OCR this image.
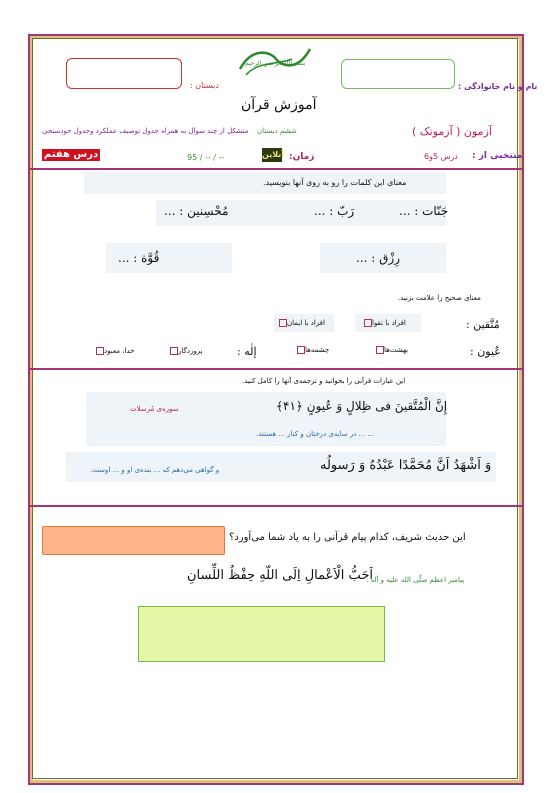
بسم الله الرحمن الرحیم
نام و نام خانوادگی :
دبستان :
آموزش قرآن
آزمون ( آزمونک )
ششم دبستان
متشکل از چند سوال به همراه جدول توصیف عملکرد وجدول خودسنجی
منتخبی از :
درس 5و6
زمان:
آنلاین
95 / -- / --
درس هفتم
معنای این کلمات را رو به روی آنها بنویسید.
جَنّات : ...
رَبّ : ...
مُحْسِنین : ...
رِزْق : ...
قُوَّة : ...
معنای صحیح را علامت بزنید.
مُتَّقین :
افراد با تقوا
افراد با ایمان
عُیون :
بهشت‌ها
چشمه‌ها
إلٰه :
پروردگار
خدا، معبود
این عبارات قرآنی را بخوانید و ترجمه‌ی آنها را کامل کنید.
إِنَّ الْمُتَّقینَ فی ظِلالٍ وَ عُیونٍ ﴿۴۱﴾
سوره‌ی مُرسلات
... ... در سایه‌ی درختان و کنار ... هستند.
وَ اَشْهَدُ اَنَّ مُحَمَّدًا عَبْدُهُ وَ رَسولُه
و گواهی می‌دهم که ... بنده‌ی او و ... اوست.
این حدیث شریف، کدام پیام قرآنی را به یاد شما می‌آورد؟
اَحَبُّ الْاَعْمالِ اِلَی اللّهِ حِفْظُ اللِّسانِ
پیامبر اعظم صلّی الله علیه و آله :
